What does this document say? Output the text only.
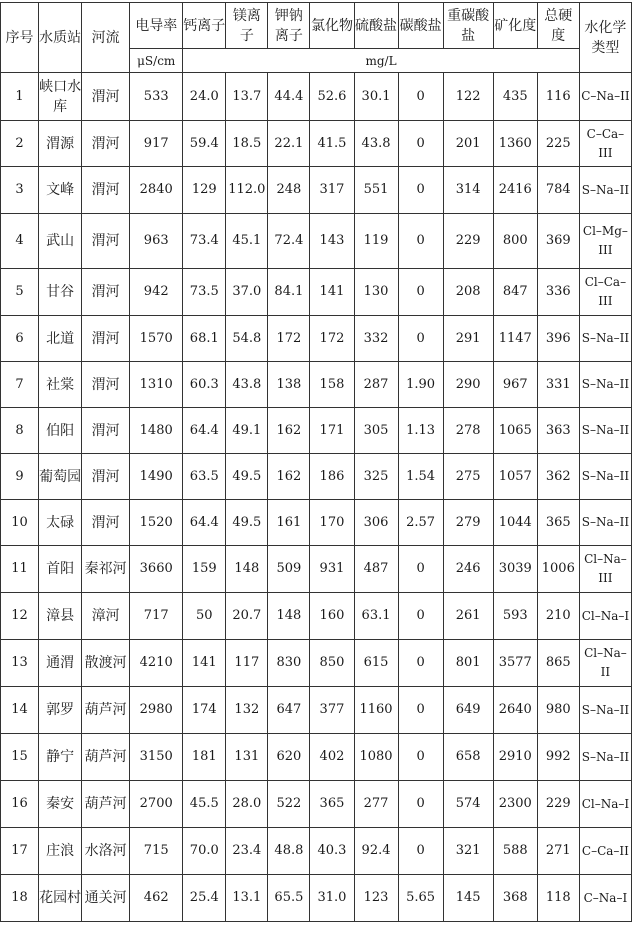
序号	水质站	河流	电导率	钙离子	镁离子	钾钠离子	氯化物	硫酸盐	碳酸盐	重碳酸盐	矿化度	总硬度	水化学类型
			μS/cm	mg/L									
1	峡口水库	渭河	533	24.0	13.7	44.4	52.6	30.1	0	122	435	116	C–Na–II
2	渭源	渭河	917	59.4	18.5	22.1	41.5	43.8	0	201	1360	225	C–Ca–III
3	文峰	渭河	2840	129	112.0	248	317	551	0	314	2416	784	S–Na–II
4	武山	渭河	963	73.4	45.1	72.4	143	119	0	229	800	369	Cl–Mg–III
5	甘谷	渭河	942	73.5	37.0	84.1	141	130	0	208	847	336	Cl–Ca–III
6	北道	渭河	1570	68.1	54.8	172	172	332	0	291	1147	396	S–Na–II
7	社棠	渭河	1310	60.3	43.8	138	158	287	1.90	290	967	331	S–Na–II
8	伯阳	渭河	1480	64.4	49.1	162	171	305	1.13	278	1065	363	S–Na–II
9	葡萄园	渭河	1490	63.5	49.5	162	186	325	1.54	275	1057	362	S–Na–II
10	太碌	渭河	1520	64.4	49.5	161	170	306	2.57	279	1044	365	S–Na–II
11	首阳	秦祁河	3660	159	148	509	931	487	0	246	3039	1006	Cl–Na–III
12	漳县	漳河	717	50	20.7	148	160	63.1	0	261	593	210	Cl–Na–I
13	通渭	散渡河	4210	141	117	830	850	615	0	801	3577	865	Cl–Na–II
14	郭罗	葫芦河	2980	174	132	647	377	1160	0	649	2640	980	S–Na–II
15	静宁	葫芦河	3150	181	131	620	402	1080	0	658	2910	992	S–Na–II
16	秦安	葫芦河	2700	45.5	28.0	522	365	277	0	574	2300	229	Cl–Na–I
17	庄浪	水洛河	715	70.0	23.4	48.8	40.3	92.4	0	321	588	271	C–Ca–II
18	花园村	通关河	462	25.4	13.1	65.5	31.0	123	5.65	145	368	118	C–Na–I
